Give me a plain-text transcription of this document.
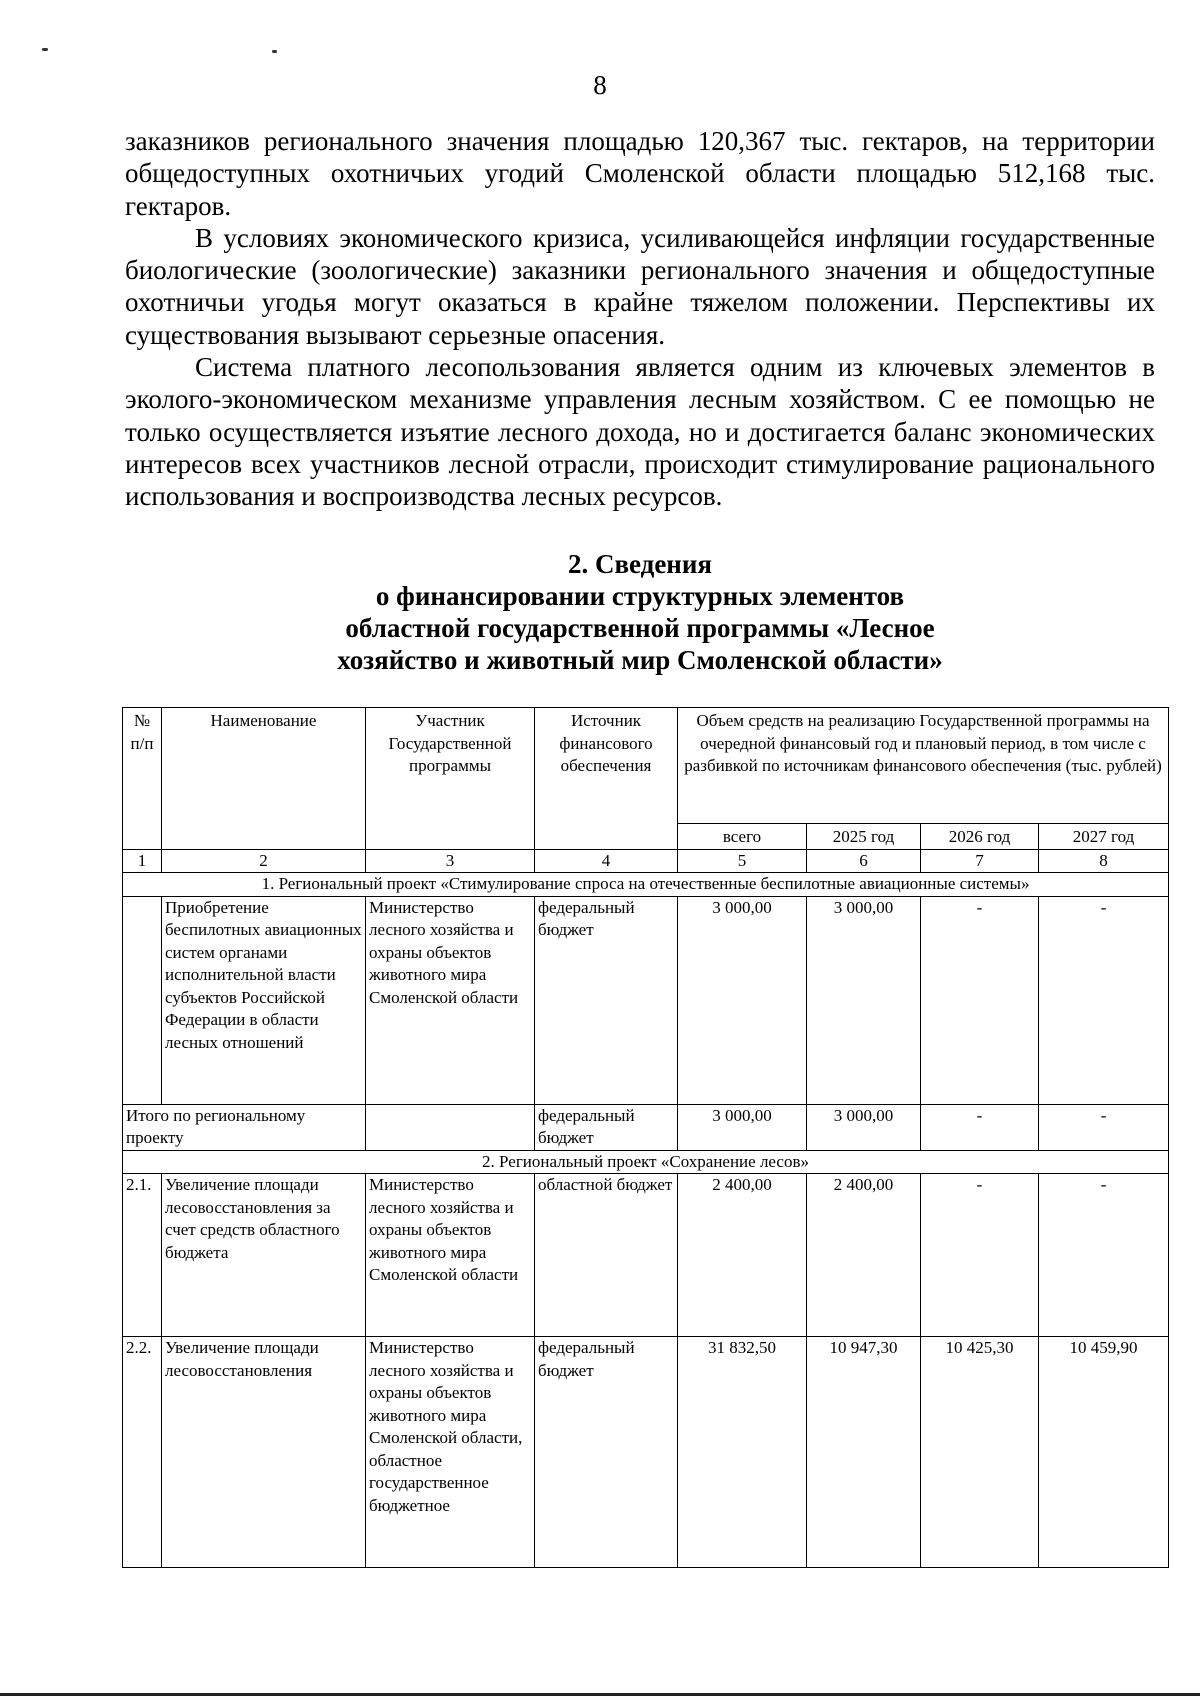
8

заказников регионального значения площадью 120,367 тыс. гектаров, на территории общедоступных охотничьих угодий Смоленской области площадью 512,168 тыс. гектаров.

В условиях экономического кризиса, усиливающейся инфляции государственные биологические (зоологические) заказники регионального значения и общедоступные охотничьи угодья могут оказаться в крайне тяжелом положении. Перспективы их существования вызывают серьезные опасения.

Система платного лесопользования является одним из ключевых элементов в эколого-экономическом механизме управления лесным хозяйством. С ее помощью не только осуществляется изъятие лесного дохода, но и достигается баланс экономических интересов всех участников лесной отрасли, происходит стимулирование рационального использования и воспроизводства лесных ресурсов.

2. Сведения
о финансировании структурных элементов
областной государственной программы «Лесное
хозяйство и животный мир Смоленской области»
№ п/п	Наименование	Участник Государственной программы	Источник финансового обеспечения	Объем средств на реализацию Государственной программы на очередной финансовый год и плановый период, в том числе с разбивкой по источникам финансового обеспечения (тыс. рублей)			
				всего	2025 год	2026 год	2027 год
1	2	3	4	5	6	7	8
1. Региональный проект «Стимулирование спроса на отечественные беспилотные авиационные системы»							
	Приобретение беспилотных авиационных систем органами исполнительной власти субъектов Российской Федерации в области лесных отношений	Министерство лесного хозяйства и охраны объектов животного мира Смоленской области	федеральный бюджет	3 000,00	3 000,00	-	-
Итого по региональному проекту			федеральный бюджет	3 000,00	3 000,00	-	-
2. Региональный проект «Сохранение лесов»							
2.1.	Увеличение площади лесовосстановления за счет средств областного бюджета	Министерство лесного хозяйства и охраны объектов животного мира Смоленской области	областной бюджет	2 400,00	2 400,00	-	-
2.2.	Увеличение площади лесовосстановления	Министерство лесного хозяйства и охраны объектов животного мира Смоленской области, областное государственное бюджетное	федеральный бюджет	31 832,50	10 947,30	10 425,30	10 459,90
